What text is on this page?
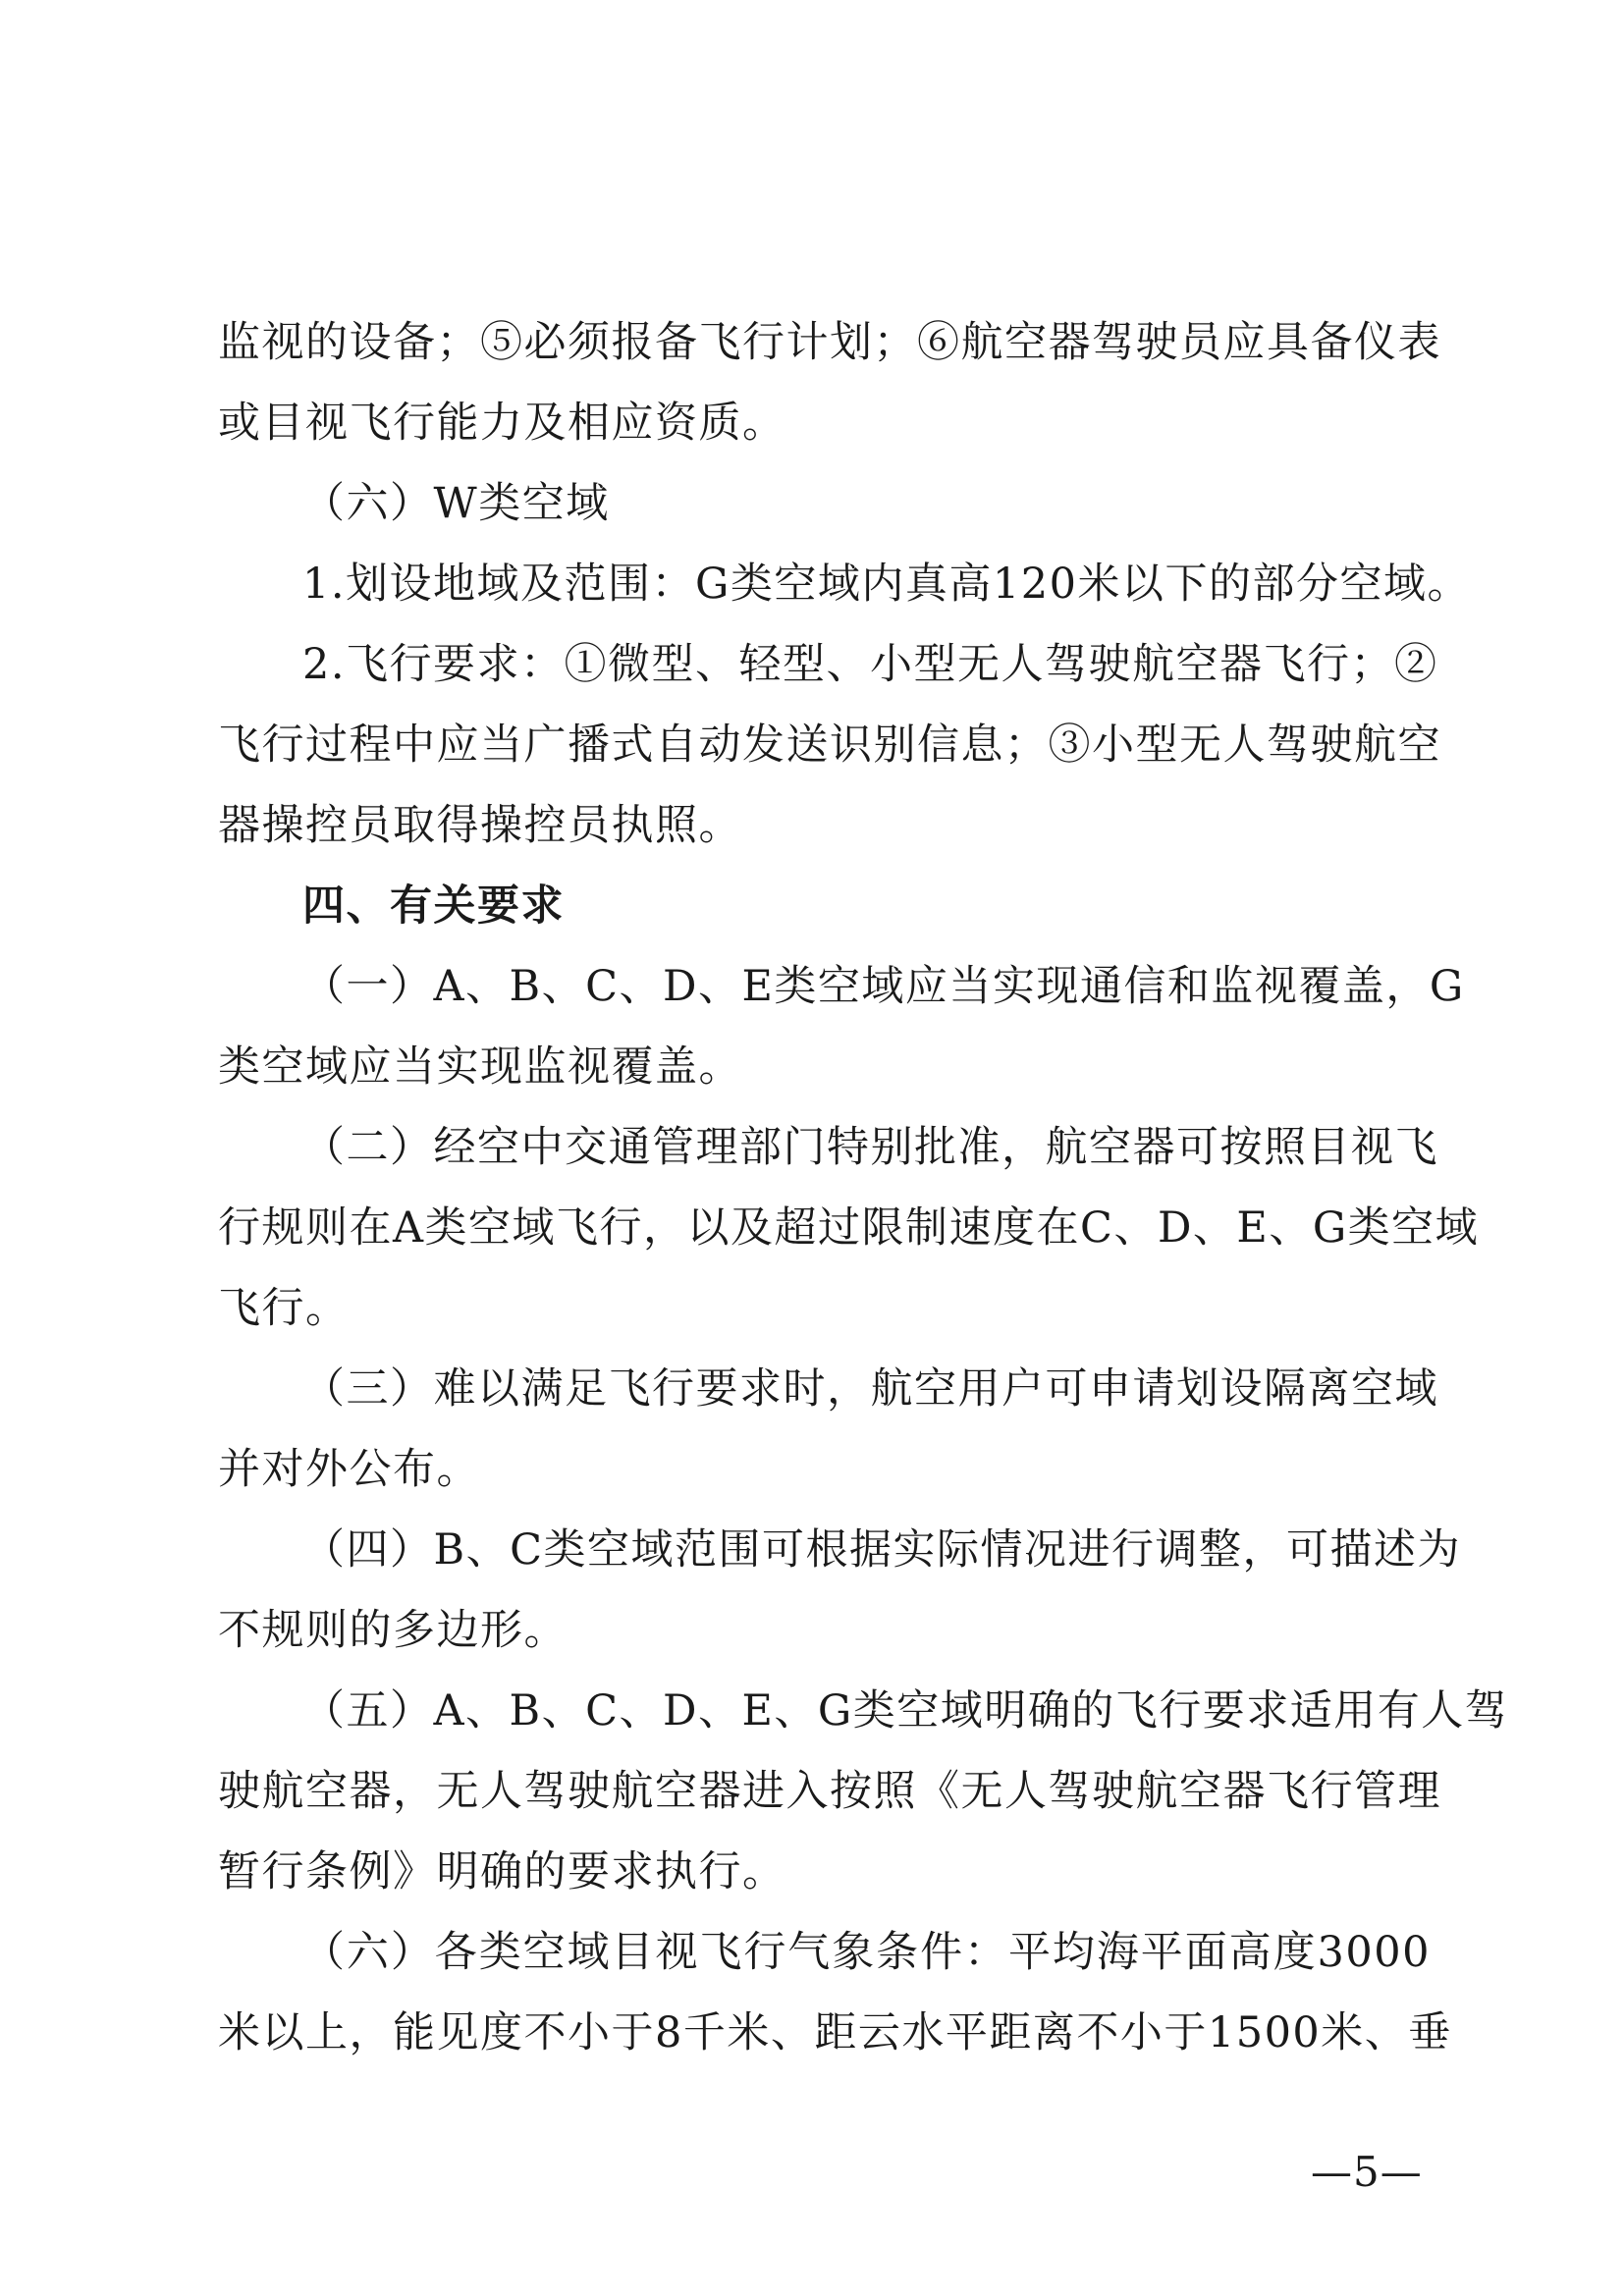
监视的设备；⑤必须报备飞行计划；⑥航空器驾驶员应具备仪表
或目视飞行能力及相应资质。
（六）W类空域
1.划设地域及范围：G类空域内真高120米以下的部分空域。
2.飞行要求：①微型、轻型、小型无人驾驶航空器飞行；②
飞行过程中应当广播式自动发送识别信息；③小型无人驾驶航空
器操控员取得操控员执照。
四、有关要求
（一）A、B、C、D、E类空域应当实现通信和监视覆盖，G
类空域应当实现监视覆盖。
（二）经空中交通管理部门特别批准，航空器可按照目视飞
行规则在A类空域飞行，以及超过限制速度在C、D、E、G类空域
飞行。
（三）难以满足飞行要求时，航空用户可申请划设隔离空域
并对外公布。
（四）B、C类空域范围可根据实际情况进行调整，可描述为
不规则的多边形。
（五）A、B、C、D、E、G类空域明确的飞行要求适用有人驾
驶航空器，无人驾驶航空器进入按照《无人驾驶航空器飞行管理
暂行条例》明确的要求执行。
（六）各类空域目视飞行气象条件：平均海平面高度3000
米以上，能见度不小于8千米、距云水平距离不小于1500米、垂
—5—
